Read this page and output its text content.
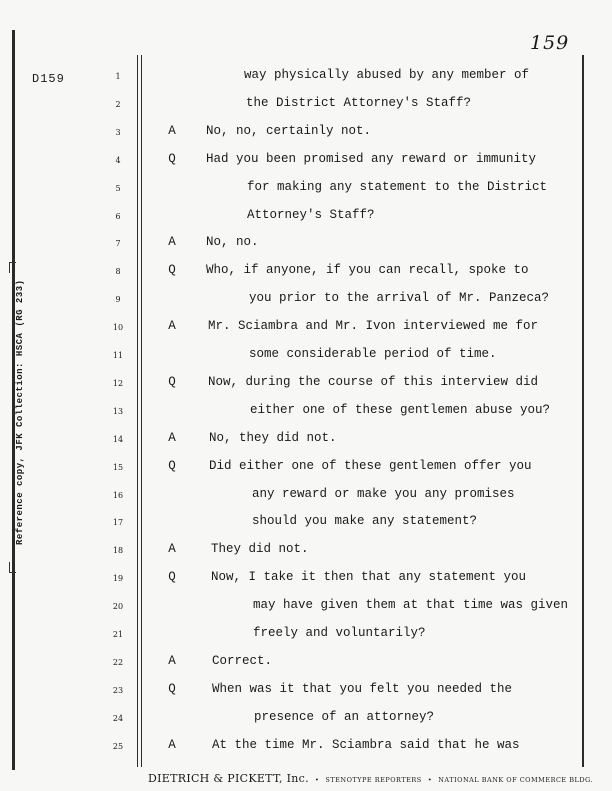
Reference copy, JFK Collection: HSCA (RG 233)
159
D159	1	way physically abused by any member of
2	the District Attorney's Staff?
3	A	No, no, certainly not.
4	Q	Had you been promised any reward or immunity
5	for making any statement to the District
6	Attorney's Staff?
7	A	No, no.
8	Q	Who, if anyone, if you can recall, spoke to
9	you prior to the arrival of Mr. Panzeca?
10	A	Mr. Sciambra and Mr. Ivon interviewed me for
11	some considerable period of time.
12	Q	Now, during the course of this interview did
13	either one of these gentlemen abuse you?
14	A	No, they did not.
15	Q	Did either one of these gentlemen offer you
16	any reward or make you any promises
17	should you make any statement?
18	A	They did not.
19	Q	Now, I take it then that any statement you
20	may have given them at that time was given
21	freely and voluntarily?
22	A	Correct.
23	Q	When was it that you felt you needed the
24	presence of an attorney?
25	A	At the time Mr. Sciambra said that he was
DIETRICH & PICKETT, Inc. • STENOTYPE REPORTERS • NATIONAL BANK OF COMMERCE BLDG.
